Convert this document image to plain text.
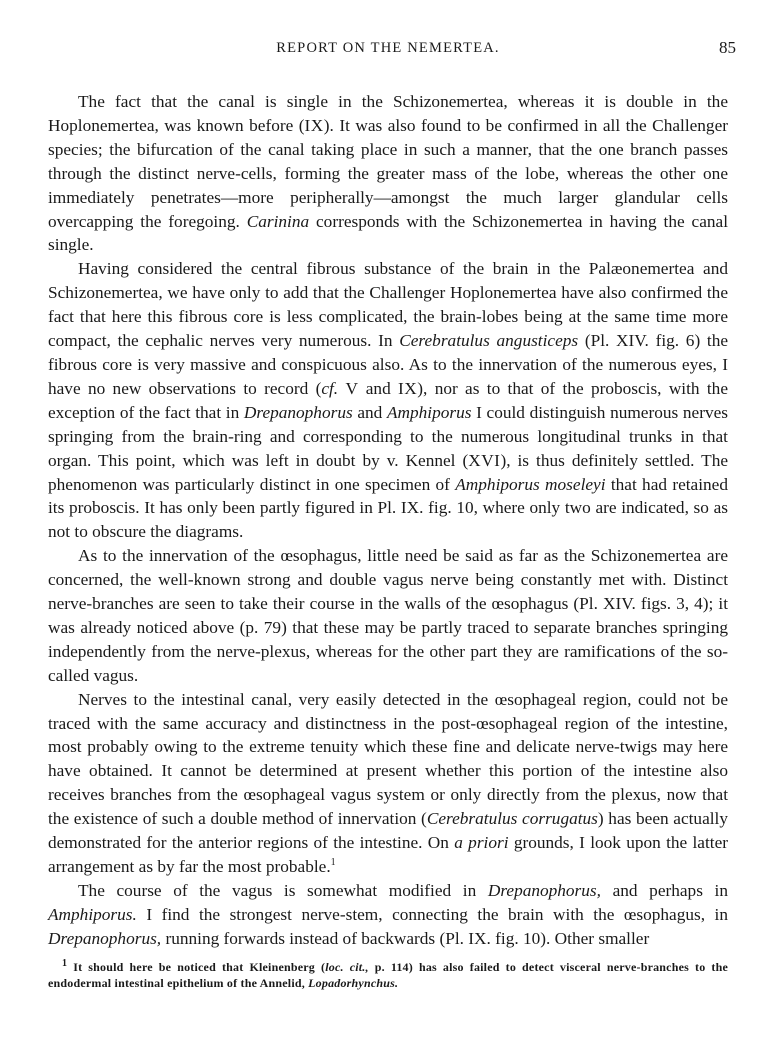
REPORT ON THE NEMERTEA.	85

The fact that the canal is single in the Schizonemertea, whereas it is double in the Hoplonemertea, was known before (IX). It was also found to be confirmed in all the Challenger species; the bifurcation of the canal taking place in such a manner, that the one branch passes through the distinct nerve-cells, forming the greater mass of the lobe, whereas the other one immediately penetrates—more peripherally—amongst the much larger glandular cells overcapping the foregoing. Carinina corresponds with the Schizonemertea in having the canal single.

Having considered the central fibrous substance of the brain in the Palæonemertea and Schizonemertea, we have only to add that the Challenger Hoplonemertea have also confirmed the fact that here this fibrous core is less complicated, the brain-lobes being at the same time more compact, the cephalic nerves very numerous. In Cerebratulus angusticeps (Pl. XIV. fig. 6) the fibrous core is very massive and conspicuous also. As to the innervation of the numerous eyes, I have no new observations to record (cf. V and IX), nor as to that of the proboscis, with the exception of the fact that in Drepanophorus and Amphiporus I could distinguish numerous nerves springing from the brain-ring and corresponding to the numerous longitudinal trunks in that organ. This point, which was left in doubt by v. Kennel (XVI), is thus definitely settled. The phenomenon was particularly distinct in one specimen of Amphiporus moseleyi that had retained its proboscis. It has only been partly figured in Pl. IX. fig. 10, where only two are indicated, so as not to obscure the diagrams.

As to the innervation of the œsophagus, little need be said as far as the Schizonemertea are concerned, the well-known strong and double vagus nerve being constantly met with. Distinct nerve-branches are seen to take their course in the walls of the œsophagus (Pl. XIV. figs. 3, 4); it was already noticed above (p. 79) that these may be partly traced to separate branches springing independently from the nerve-plexus, whereas for the other part they are ramifications of the so-called vagus.

Nerves to the intestinal canal, very easily detected in the œsophageal region, could not be traced with the same accuracy and distinctness in the post-œsophageal region of the intestine, most probably owing to the extreme tenuity which these fine and delicate nerve-twigs may here have obtained. It cannot be determined at present whether this portion of the intestine also receives branches from the œsophageal vagus system or only directly from the plexus, now that the existence of such a double method of innervation (Cerebratulus corrugatus) has been actually demonstrated for the anterior regions of the intestine. On a priori grounds, I look upon the latter arrangement as by far the most probable.$^1$

The course of the vagus is somewhat modified in Drepanophorus, and perhaps in Amphiporus. I find the strongest nerve-stem, connecting the brain with the œsophagus, in Drepanophorus, running forwards instead of backwards (Pl. IX. fig. 10). Other smaller

$^1$ It should here be noticed that Kleinenberg (loc. cit., p. 114) has also failed to detect visceral nerve-branches to the endodermal intestinal epithelium of the Annelid, Lopadorhynchus.
